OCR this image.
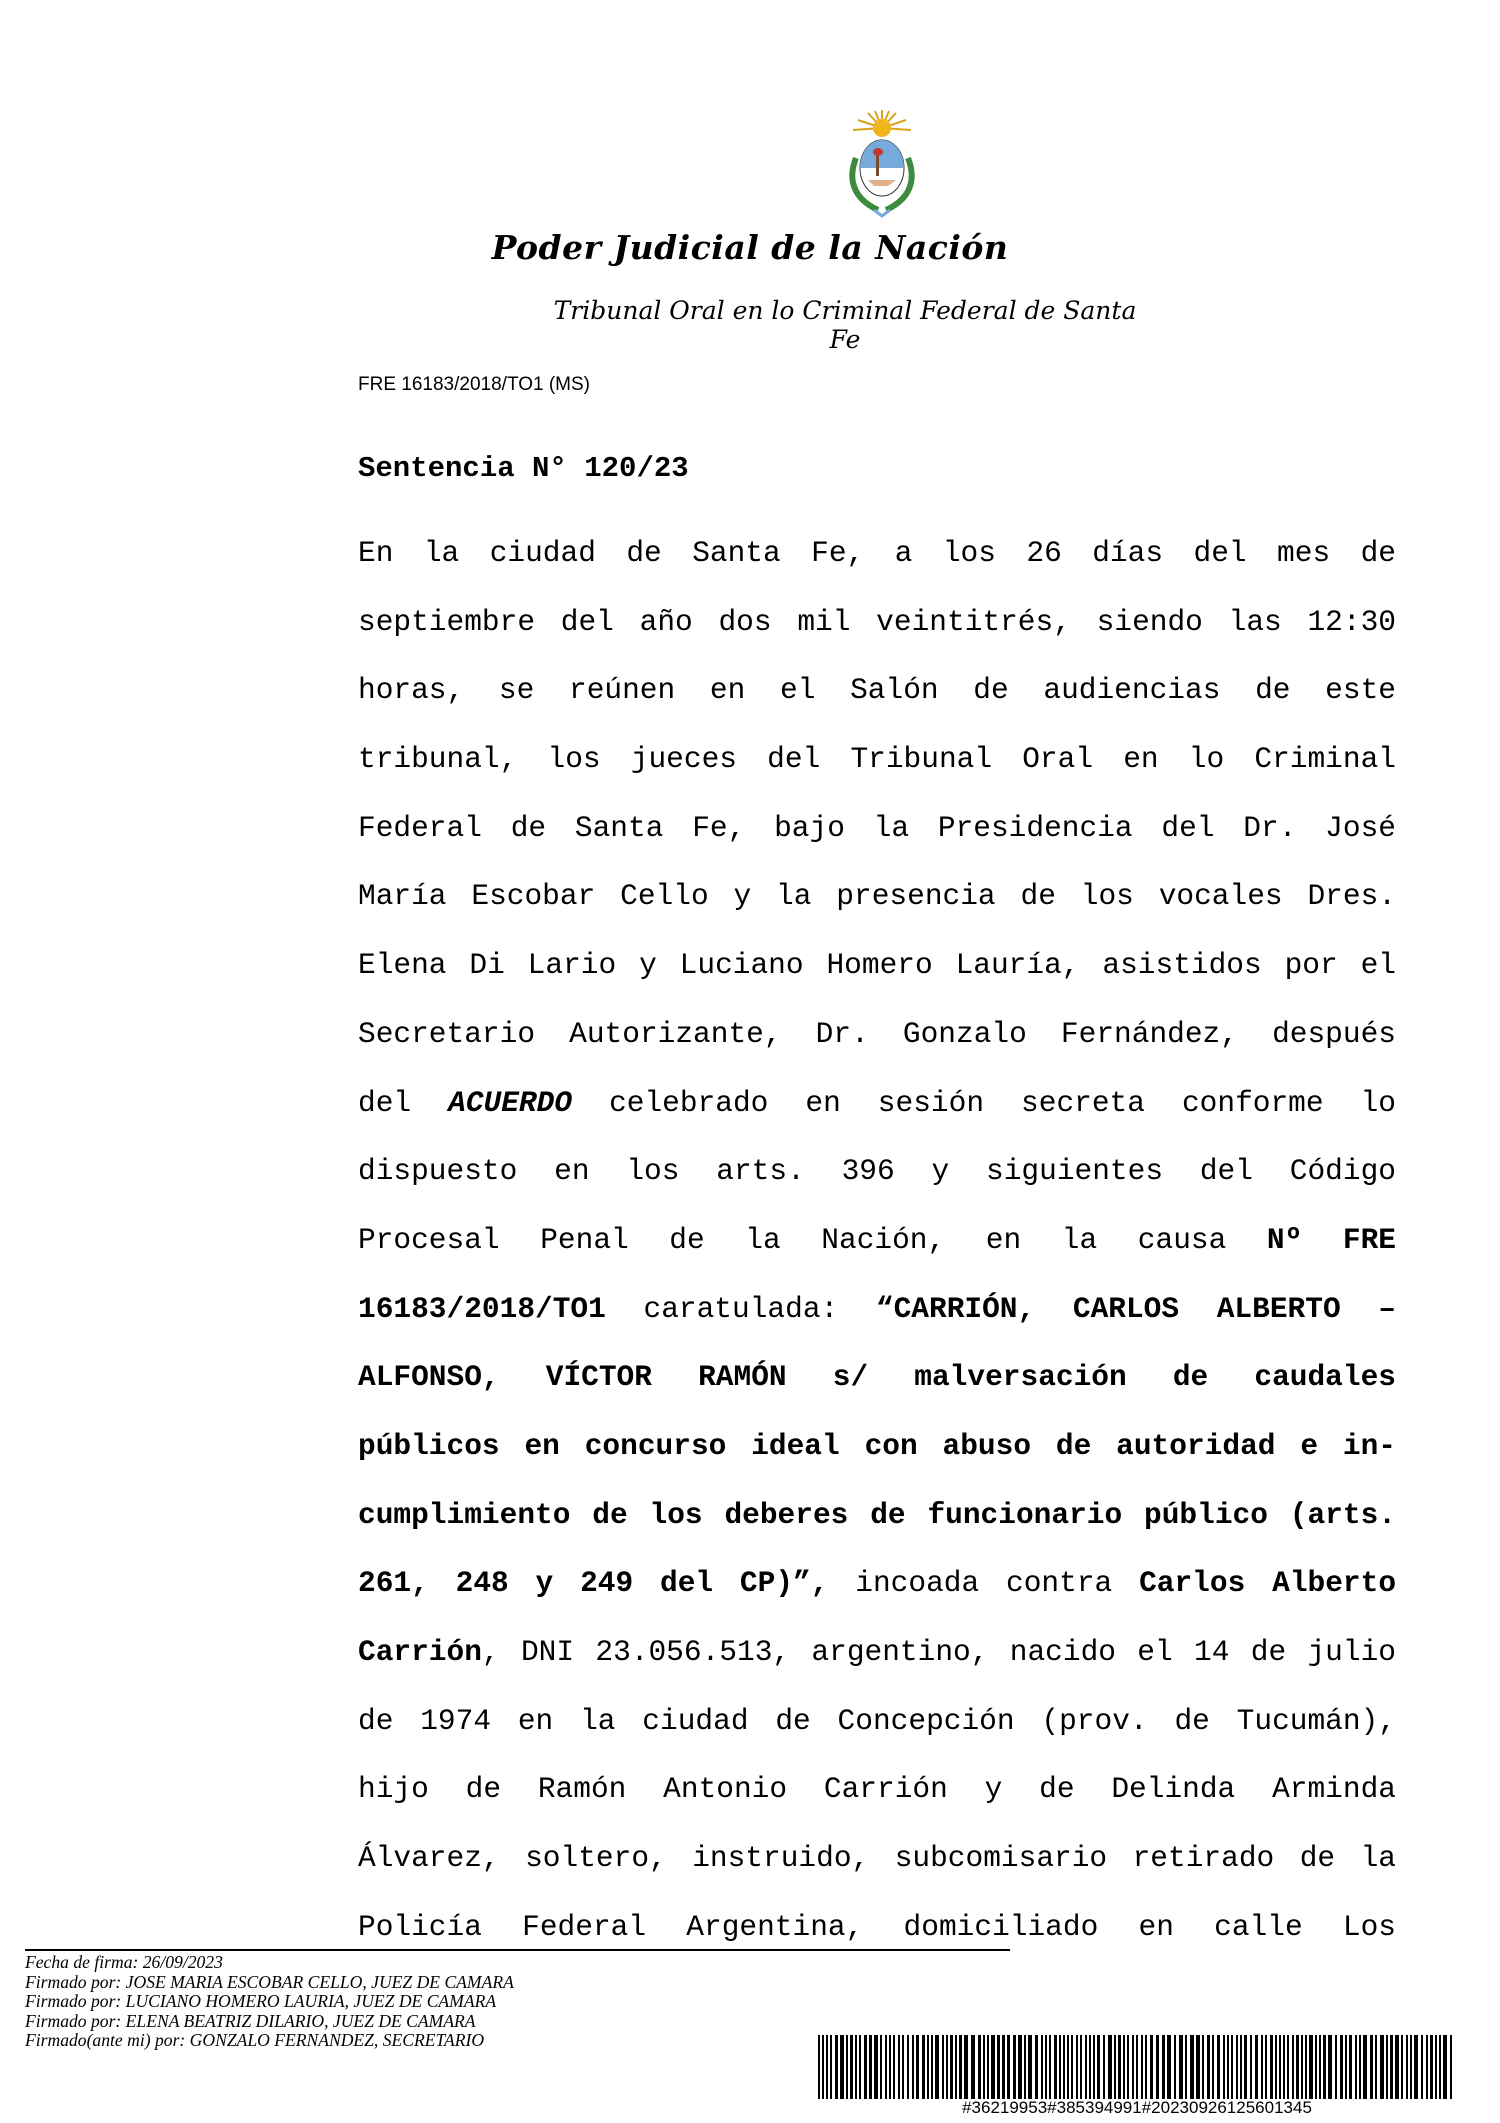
Poder Judicial de la Nación
Tribunal Oral en lo Criminal Federal de Santa Fe
FRE 16183/2018/TO1 (MS)
Sentencia N° 120/23
En la ciudad de Santa Fe, a los 26 días del mes de
septiembre del año dos mil veintitrés, siendo las 12:30
horas, se reúnen en el Salón de audiencias de este
tribunal, los jueces del Tribunal Oral en lo Criminal
Federal de Santa Fe, bajo la Presidencia del Dr. José
María Escobar Cello y la presencia de los vocales Dres.
Elena Di Lario y Luciano Homero Lauría, asistidos por el
Secretario Autorizante, Dr. Gonzalo Fernández, después
del ACUERDO celebrado en sesión secreta conforme lo
dispuesto en los arts. 396 y siguientes del Código
Procesal Penal de la Nación, en la causa Nº FRE
16183/2018/TO1 caratulada: “CARRIÓN, CARLOS ALBERTO –
ALFONSO, VÍCTOR RAMÓN s/ malversación de caudales
públicos en concurso ideal con abuso de autoridad e in-
cumplimiento de los deberes de funcionario público (arts.
261, 248 y 249 del CP)”, incoada contra Carlos Alberto
Carrión, DNI 23.056.513, argentino, nacido el 14 de julio
de 1974 en la ciudad de Concepción (prov. de Tucumán),
hijo de Ramón Antonio Carrión y de Delinda Arminda
Álvarez, soltero, instruido, subcomisario retirado de la
Policía Federal Argentina, domiciliado en calle Los
Fecha de firma: 26/09/2023
Firmado por: JOSE MARIA ESCOBAR CELLO, JUEZ DE CAMARA
Firmado por: LUCIANO HOMERO LAURIA, JUEZ DE CAMARA
Firmado por: ELENA BEATRIZ DILARIO, JUEZ DE CAMARA
Firmado(ante mi) por: GONZALO FERNANDEZ, SECRETARIO
#36219953#385394991#20230926125601345
